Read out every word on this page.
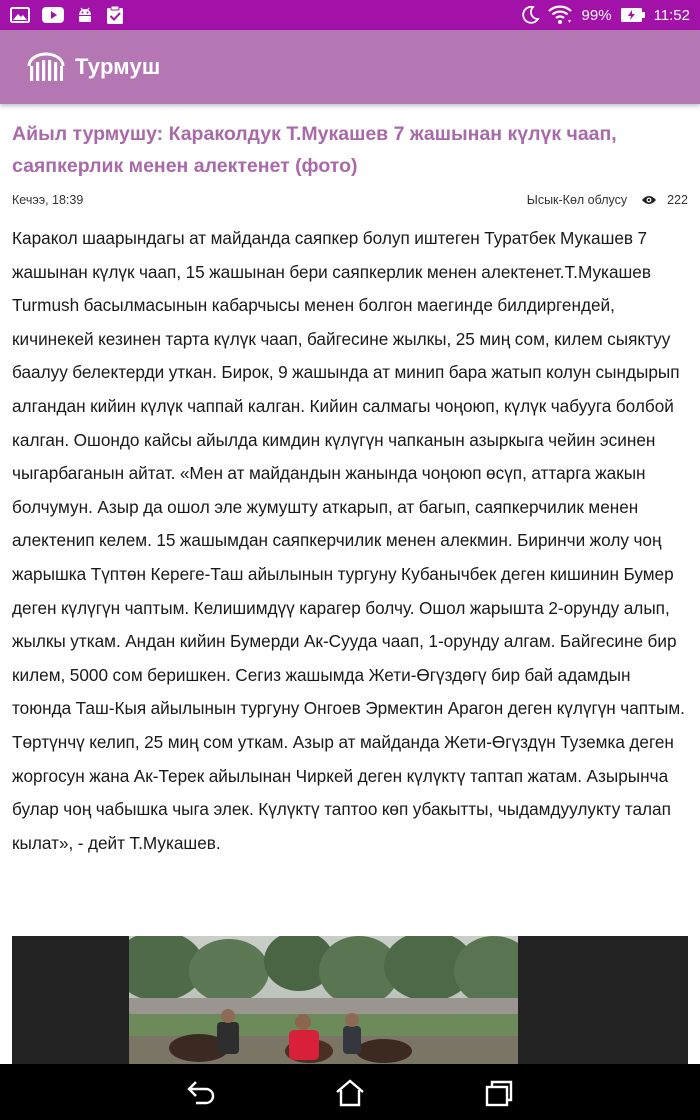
99%	11:52
Турмуш
Айыл турмушу: Караколдук Т.Мукашев 7 жашынан күлүк чаап, саяпкерлик менен алектенет (фото)
Кечээ, 18:39	Ысык-Көл облусу	222
Каракол шаарындагы ат майданда саяпкер болуп иштеген Туратбек Мукашев 7 жашынан күлүк чаап, 15 жашынан бери саяпкерлик менен алектенет.Т.Мукашев Turmush басылмасынын кабарчысы менен болгон маегинде билдиргендей, кичинекей кезинен тарта күлүк чаап, байгесине жылкы, 25 миң сом, килем сыяктуу баалуу белектерди уткан. Бирок, 9 жашында ат минип бара жатып колун сындырып алгандан кийин күлүк чаппай калган. Кийин салмагы чоңоюп, күлүк чабууга болбой калган. Ошондо кайсы айылда кимдин күлүгүн чапканын азыркыга чейин эсинен чыгарбаганын айтат. «Мен ат майдандын жанында чоңоюп өсүп, аттарга жакын болчумун. Азыр да ошол эле жумушту аткарып, ат багып, саяпкерчилик менен алектенип келем. 15 жашымдан саяпкерчилик менен алекмин. Биринчи жолу чоң жарышка Түптөн Кереге-Таш айылынын тургуну Кубанычбек деген кишинин Бумер деген күлүгүн чаптым. Келишимдүү карагер болчу. Ошол жарышта 2-орунду алып, жылкы уткам. Андан кийин Бумерди Ак-Сууда чаап, 1-орунду алгам. Байгесине бир килем, 5000 сом беришкен. Сегиз жашымда Жети-Өгүздөгү бир бай адамдын тоюнда Таш-Кыя айылынын тургуну Онгоев Эрмектин Арагон деген күлүгүн чаптым. Төртүнчү келип, 25 миң сом уткам. Азыр ат майданда Жети-Өгүздүн Туземка деген жоргосун жана Ак-Терек айылынан Чиркей деген күлүктү таптап жатам. Азырынча булар чоң чабышка чыга элек. Күлүктү таптоо көп убакытты, чыдамдуулукту талап кылат», - дейт Т.Мукашев.
